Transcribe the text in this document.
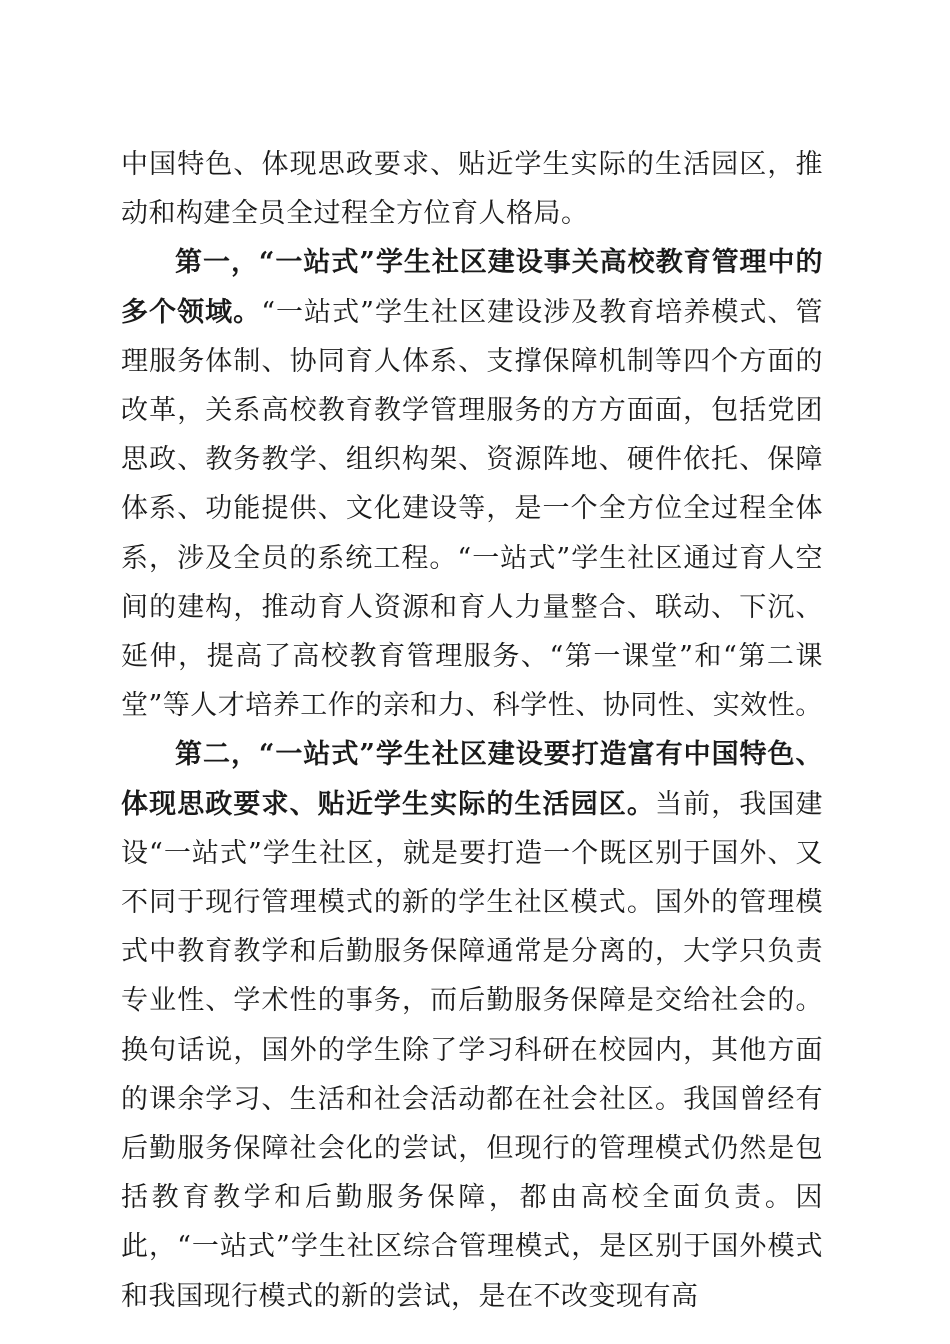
中国特色、体现思政要求、贴近学生实际的生活园区，推动和构建全员全过程全方位育人格局。

第一，“一站式”学生社区建设事关高校教育管理中的多个领域。“一站式”学生社区建设涉及教育培养模式、管理服务体制、协同育人体系、支撑保障机制等四个方面的改革，关系高校教育教学管理服务的方方面面，包括党团思政、教务教学、组织构架、资源阵地、硬件依托、保障体系、功能提供、文化建设等，是一个全方位全过程全体系，涉及全员的系统工程。“一站式”学生社区通过育人空间的建构，推动育人资源和育人力量整合、联动、下沉、延伸，提高了高校教育管理服务、“第一课堂”和“第二课堂”等人才培养工作的亲和力、科学性、协同性、实效性。

第二，“一站式”学生社区建设要打造富有中国特色、体现思政要求、贴近学生实际的生活园区。当前，我国建设“一站式”学生社区，就是要打造一个既区别于国外、又不同于现行管理模式的新的学生社区模式。国外的管理模式中教育教学和后勤服务保障通常是分离的，大学只负责专业性、学术性的事务，而后勤服务保障是交给社会的。换句话说，国外的学生除了学习科研在校园内，其他方面的课余学习、生活和社会活动都在社会社区。我国曾经有后勤服务保障社会化的尝试，但现行的管理模式仍然是包括教育教学和后勤服务保障，都由高校全面负责。因此，“一站式”学生社区综合管理模式，是区别于国外模式和我国现行模式的新的尝试，是在不改变现有高
